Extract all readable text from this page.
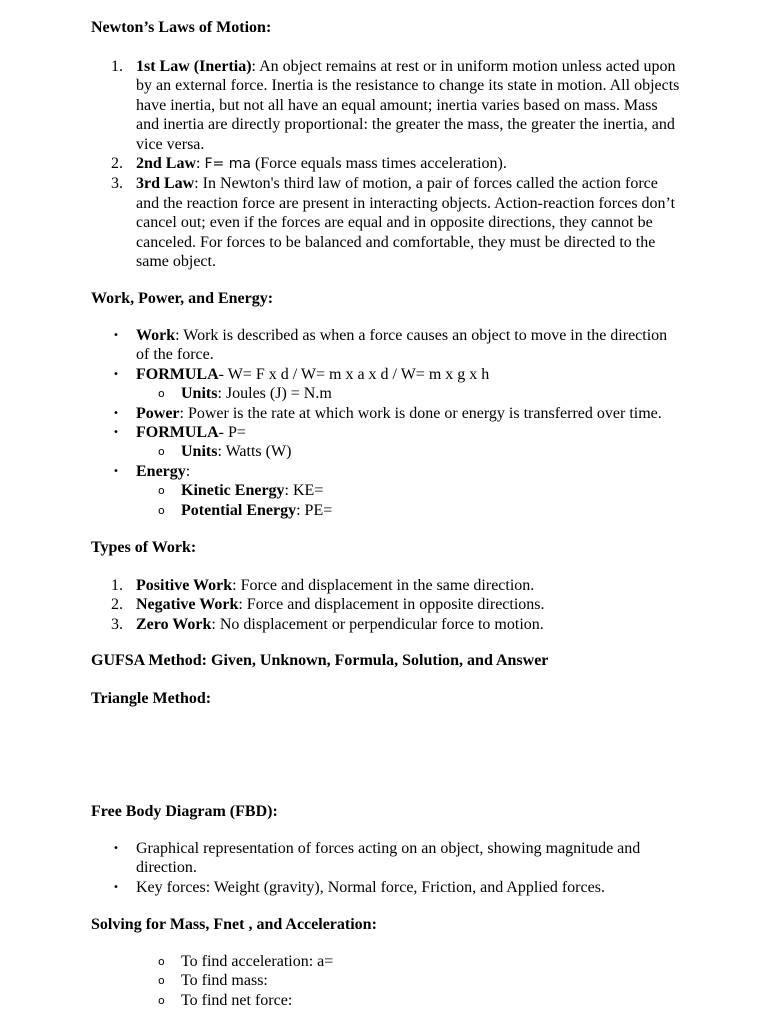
Newton’s Laws of Motion:
1. 1st Law (Inertia): An object remains at rest or in uniform motion unless acted upon by an external force. Inertia is the resistance to change its state in motion. All objects have inertia, but not all have an equal amount; inertia varies based on mass. Mass and inertia are directly proportional: the greater the mass, the greater the inertia, and vice versa.
2. 2nd Law: F= ma (Force equals mass times acceleration).
3. 3rd Law: In Newton's third law of motion, a pair of forces called the action force and the reaction force are present in interacting objects. Action-reaction forces don’t cancel out; even if the forces are equal and in opposite directions, they cannot be canceled. For forces to be balanced and comfortable, they must be directed to the same object.
Work, Power, and Energy:
• Work: Work is described as when a force causes an object to move in the direction of the force.
• FORMULA- W= F x d / W= m x a x d / W= m x g x h
o Units: Joules (J) = N.m
• Power: Power is the rate at which work is done or energy is transferred over time.
• FORMULA- P=
o Units: Watts (W)
• Energy:
o Kinetic Energy: KE=
o Potential Energy: PE=
Types of Work:
1. Positive Work: Force and displacement in the same direction.
2. Negative Work: Force and displacement in opposite directions.
3. Zero Work: No displacement or perpendicular force to motion.
GUFSA Method: Given, Unknown, Formula, Solution, and Answer
Triangle Method:
Free Body Diagram (FBD):
• Graphical representation of forces acting on an object, showing magnitude and direction.
• Key forces: Weight (gravity), Normal force, Friction, and Applied forces.
Solving for Mass, Fnet , and Acceleration:
o To find acceleration: a=
o To find mass:
o To find net force:
